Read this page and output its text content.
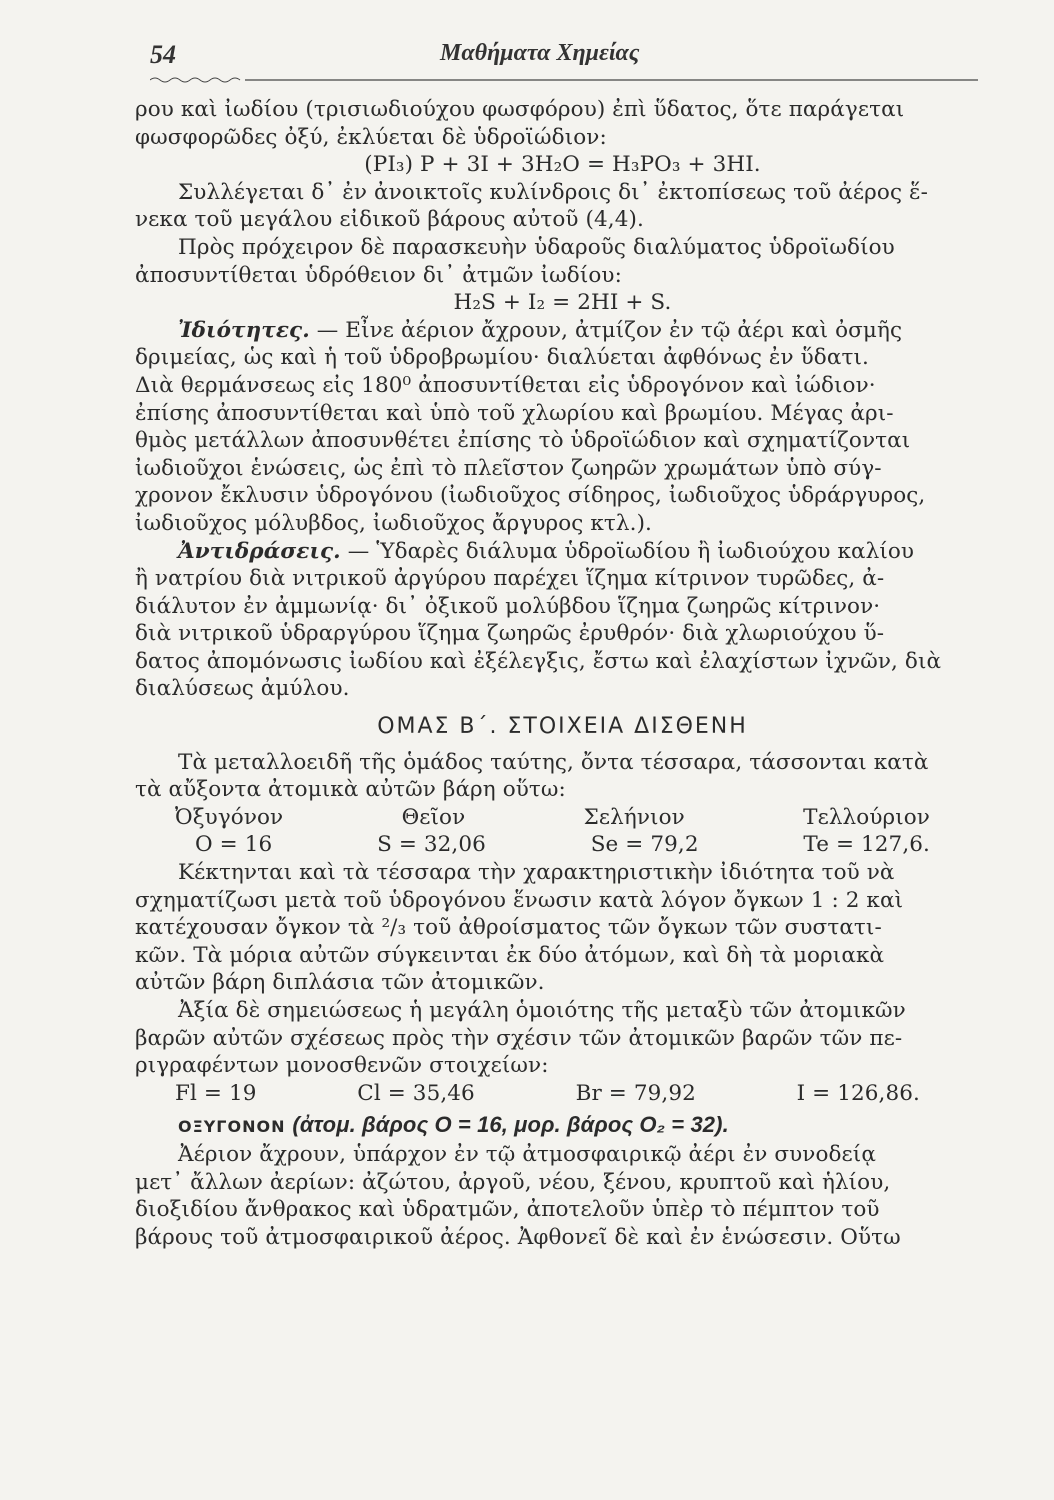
54	Μαθήματα Χημείας

ρου καὶ ἰωδίου (τρισιωδιούχου φωσφόρου) ἐπὶ ὕδατος, ὅτε παράγεται

φωσφορῶδες ὀξύ, ἐκλύεται δὲ ὑδροϊώδιον:

(PI₃) P + 3I + 3H₂O = H₃PO₃ + 3HI.

Συλλέγεται δ᾿ ἐν ἀνοικτοῖς κυλίνδροις δι᾿ ἐκτοπίσεως τοῦ ἀέρος ἕ-

νεκα τοῦ μεγάλου εἰδικοῦ βάρους αὐτοῦ (4,4).

Πρὸς πρόχειρον δὲ παρασκευὴν ὑδαροῦς διαλύματος ὑδροϊωδίου

ἀποσυντίθεται ὑδρόθειον δι᾿ ἀτμῶν ἰωδίου:

H₂S + I₂ = 2HI + S.

Ἰδιότητες. — Εἶνε ἀέριον ἄχρουν, ἀτμίζον ἐν τῷ ἀέρι καὶ ὀσμῆς

δριμείας, ὡς καὶ ἡ τοῦ ὑδροβρωμίου· διαλύεται ἀφθόνως ἐν ὕδατι.

Διὰ θερμάνσεως εἰς 180⁰ ἀποσυντίθεται εἰς ὑδρογόνον καὶ ἰώδιον·

ἐπίσης ἀποσυντίθεται καὶ ὑπὸ τοῦ χλωρίου καὶ βρωμίου. Μέγας ἀρι-

θμὸς μετάλλων ἀποσυνθέτει ἐπίσης τὸ ὑδροϊώδιον καὶ σχηματίζονται

ἰωδιοῦχοι ἑνώσεις, ὡς ἐπὶ τὸ πλεῖστον ζωηρῶν χρωμάτων ὑπὸ σύγ-

χρονον ἔκλυσιν ὑδρογόνου (ἰωδιοῦχος σίδηρος, ἰωδιοῦχος ὑδράργυρος,

ἰωδιοῦχος μόλυβδος, ἰωδιοῦχος ἄργυρος κτλ.).

Ἀντιδράσεις. — Ὑδαρὲς διάλυμα ὑδροϊωδίου ἢ ἰωδιούχου καλίου

ἢ νατρίου διὰ νιτρικοῦ ἀργύρου παρέχει ἵζημα κίτρινον τυρῶδες, ἀ-

διάλυτον ἐν ἀμμωνίᾳ· δι᾿ ὀξικοῦ μολύβδου ἵζημα ζωηρῶς κίτρινον·

διὰ νιτρικοῦ ὑδραργύρου ἵζημα ζωηρῶς ἐρυθρόν· διὰ χλωριούχου ὕ-

δατος ἀπομόνωσις ἰωδίου καὶ ἐξέλεγξις, ἔστω καὶ ἐλαχίστων ἰχνῶν, διὰ

διαλύσεως ἀμύλου.

ΟΜΑΣ Β΄. ΣΤΟΙΧΕΙΑ ΔΙΣΘΕΝΗ

Τὰ μεταλλοειδῆ τῆς ὁμάδος ταύτης, ὄντα τέσσαρα, τάσσονται κατὰ

τὰ αὔξοντα ἀτομικὰ αὐτῶν βάρη οὕτω:

Ὀξυγόνον	Θεῖον	Σελήνιον	Τελλούριον
O = 16	S = 32,06	Se = 79,2	Te = 127,6.

Κέκτηνται καὶ τὰ τέσσαρα τὴν χαρακτηριστικὴν ἰδιότητα τοῦ νὰ

σχηματίζωσι μετὰ τοῦ ὑδρογόνου ἕνωσιν κατὰ λόγον ὄγκων 1 : 2 καὶ

κατέχουσαν ὄγκον τὰ ²/₃ τοῦ ἀθροίσματος τῶν ὄγκων τῶν συστατι-

κῶν. Τὰ μόρια αὐτῶν σύγκεινται ἐκ δύο ἀτόμων, καὶ δὴ τὰ μοριακὰ

αὐτῶν βάρη διπλάσια τῶν ἀτομικῶν.

Ἀξία δὲ σημειώσεως ἡ μεγάλη ὁμοιότης τῆς μεταξὺ τῶν ἀτομικῶν

βαρῶν αὐτῶν σχέσεως πρὸς τὴν σχέσιν τῶν ἀτομικῶν βαρῶν τῶν πε-

ριγραφέντων μονοσθενῶν στοιχείων:

Fl = 19	Cl = 35,46	Br = 79,92	I = 126,86.

ΟΞΥΓΟΝΟΝ (ἀτομ. βάρος O = 16, μορ. βάρος O₂ = 32).

Ἀέριον ἄχρουν, ὑπάρχον ἐν τῷ ἀτμοσφαιρικῷ ἀέρι ἐν συνοδείᾳ

μετ᾿ ἄλλων ἀερίων: ἀζώτου, ἀργοῦ, νέου, ξένου, κρυπτοῦ καὶ ἡλίου,

διοξιδίου ἄνθρακος καὶ ὑδρατμῶν, ἀποτελοῦν ὑπὲρ τὸ πέμπτον τοῦ

βάρους τοῦ ἀτμοσφαιρικοῦ ἀέρος. Ἀφθονεῖ δὲ καὶ ἐν ἑνώσεσιν. Οὕτω
